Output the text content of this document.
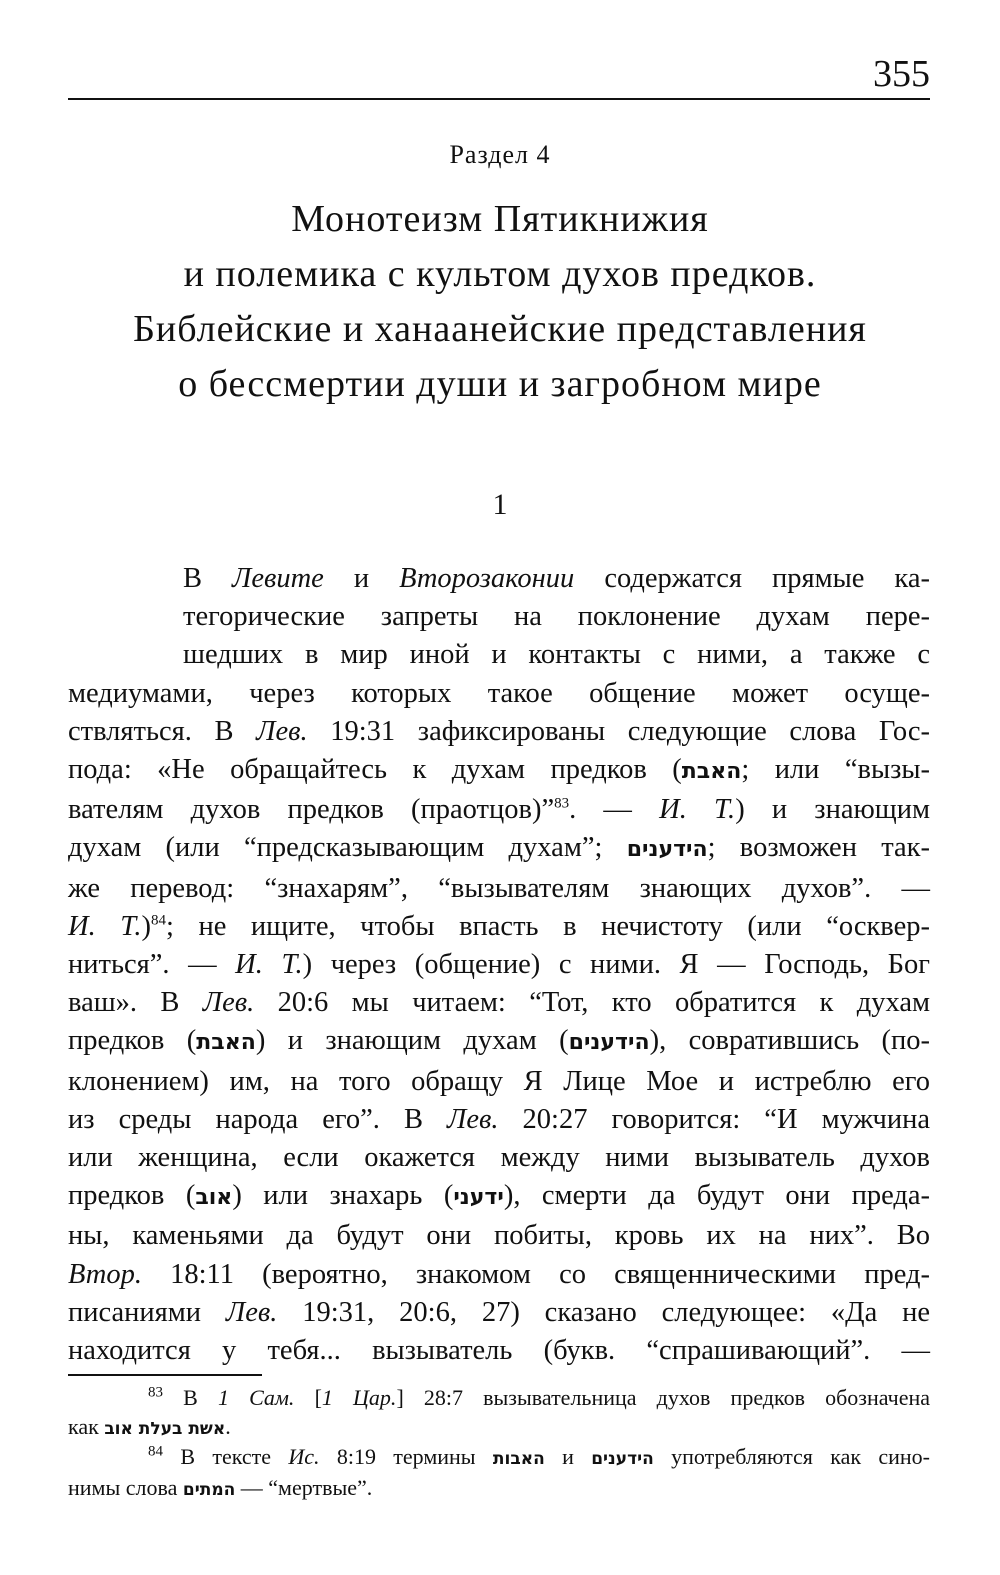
355
Раздел 4
Монотеизм Пятикнижия
и полемика с культом духов предков.
Библейские и ханаанейские представления
о бессмертии души и загробном мире
1
В Левите и Второзаконии содержатся прямые ка-
тегорические запреты на поклонение духам пере-
шедших в мир иной и контакты с ними, а также с
медиумами, через которых такое общение может осуще-
ствляться. В Лев. 19:31 зафиксированы следующие слова Гос-
пода: «Не обращайтесь к духам предков (האבת; или “вызы-
вателям духов предков (праотцов)”$^{83}$. — И. Т.) и знающим
духам (или “предсказывающим духам”; הידענים; возможен так-
же перевод: “знахарям”, “вызывателям знающих духов”. —
И. Т.)$^{84}$; не ищите, чтобы впасть в нечистоту (или “осквер-
ниться”. — И. Т.) через (общение) с ними. Я — Господь, Бог
ваш». В Лев. 20:6 мы читаем: “Тот, кто обратится к духам
предков (האבת) и знающим духам (הידענים), совратившись (по-
клонением) им, на того обращу Я Лице Мое и истреблю его
из среды народа его”. В Лев. 20:27 говорится: “И мужчина
или женщина, если окажется между ними вызыватель духов
предков (אוב) или знахарь (ידעני), смерти да будут они преда-
ны, каменьями да будут они побиты, кровь их на них”. Во
Втор. 18:11 (вероятно, знакомом со священническими пред-
писаниями Лев. 19:31, 20:6, 27) сказано следующее: «Да не
находится у тебя... вызыватель (букв. “спрашивающий”. —
$^{83}$ В 1 Сам. [1 Цар.] 28:7 вызывательница духов предков обозначена
как אשת בעלת אוב.
$^{84}$ В тексте Ис. 8:19 термины האבות и הידענים употребляются как сино-
нимы слова המתים — “мертвые”.
